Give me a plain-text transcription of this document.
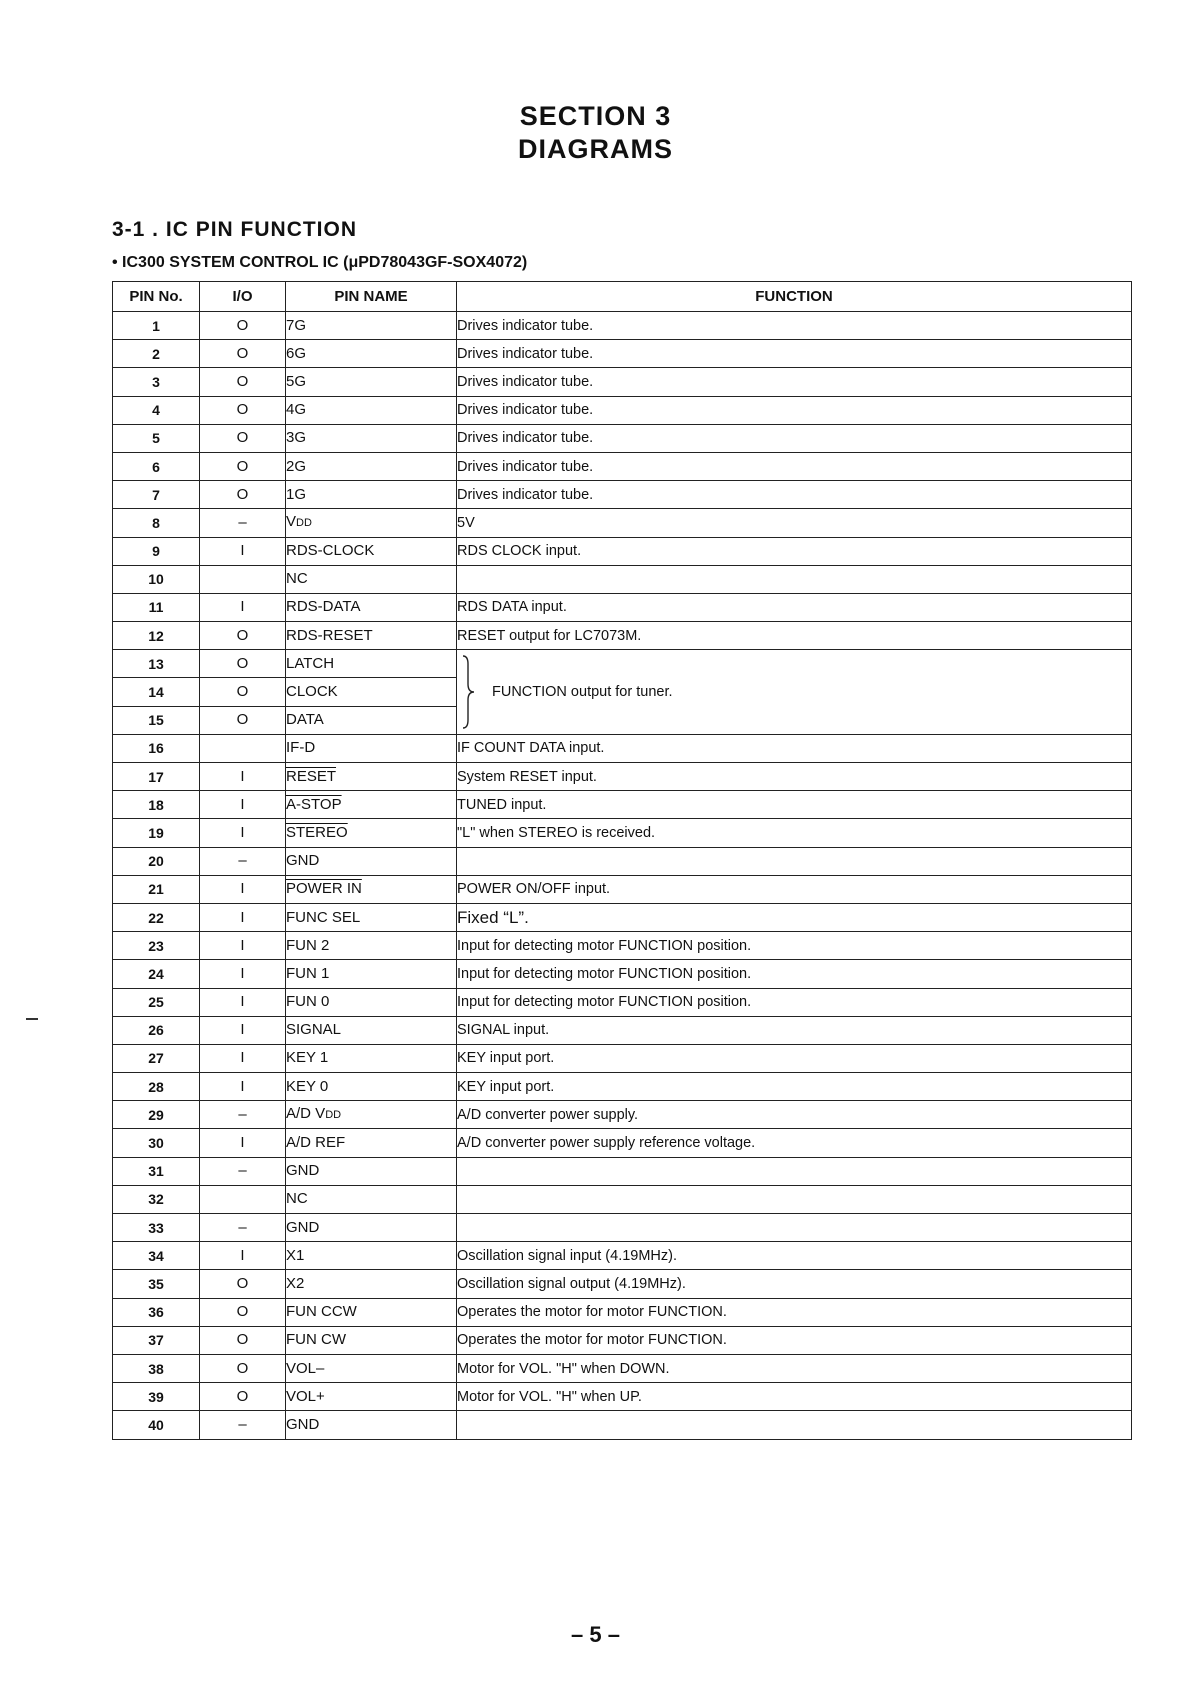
SECTION 3
DIAGRAMS
3-1 . IC PIN FUNCTION
• IC300 SYSTEM CONTROL IC (μPD78043GF-SOX4072)
PIN No.	I/O	PIN NAME	FUNCTION
1	O	7G	Drives indicator tube.
2	O	6G	Drives indicator tube.
3	O	5G	Drives indicator tube.
4	O	4G	Drives indicator tube.
5	O	3G	Drives indicator tube.
6	O	2G	Drives indicator tube.
7	O	1G	Drives indicator tube.
8	–	VDD	5V
9	I	RDS-CLOCK	RDS CLOCK input.
10		NC	
11	I	RDS-DATA	RDS DATA input.
12	O	RDS-RESET	RESET output for LC7073M.
13	O	LATCH	FUNCTION output for tuner.

14	O	CLOCK	
15	O	DATA	
16		IF-D	IF COUNT DATA input.
17	I	RESET	System RESET input.
18	I	A-STOP	TUNED input.
19	I	STEREO	"L" when STEREO is received.
20	–	GND	
21	I	POWER IN	POWER ON/OFF input.
22	I	FUNC SEL	Fixed “L”.
23	I	FUN 2	Input for detecting motor FUNCTION position.
24	I	FUN 1	Input for detecting motor FUNCTION position.
25	I	FUN 0	Input for detecting motor FUNCTION position.
26	I	SIGNAL	SIGNAL input.
27	I	KEY 1	KEY input port.
28	I	KEY 0	KEY input port.
29	–	A/D VDD	A/D converter power supply.
30	I	A/D REF	A/D converter power supply reference voltage.
31	–	GND	
32		NC	
33	–	GND	
34	I	X1	Oscillation signal input (4.19MHz).
35	O	X2	Oscillation signal output (4.19MHz).
36	O	FUN CCW	Operates the motor for motor FUNCTION.
37	O	FUN CW	Operates the motor for motor FUNCTION.
38	O	VOL–	Motor for VOL. "H" when DOWN.
39	O	VOL+	Motor for VOL. "H" when UP.
40	–	GND	
– 5 –
